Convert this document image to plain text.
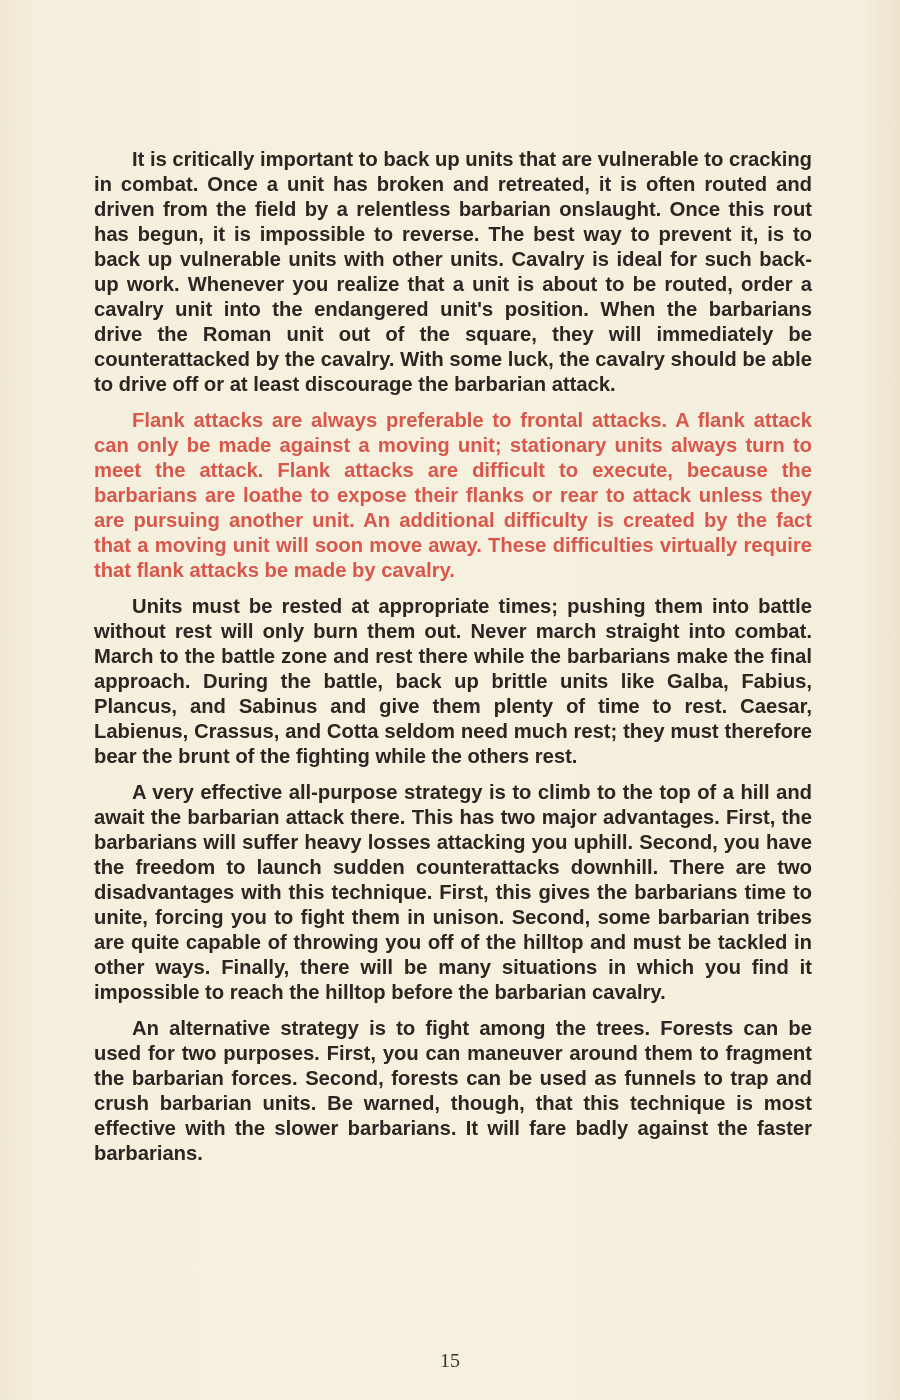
It is critically important to back up units that are vulnerable to cracking in combat. Once a unit has broken and retreated, it is often routed and driven from the field by a relentless barbarian onslaught. Once this rout has begun, it is impossible to reverse. The best way to prevent it, is to back up vulnerable units with other units. Cavalry is ideal for such back-up work. Whenever you realize that a unit is about to be routed, order a cavalry unit into the endangered unit's position. When the barbarians drive the Roman unit out of the square, they will immediately be counterattacked by the cavalry. With some luck, the cavalry should be able to drive off or at least discourage the barbarian attack.

Flank attacks are always preferable to frontal attacks. A flank attack can only be made against a moving unit; stationary units always turn to meet the attack. Flank attacks are difficult to execute, because the barbarians are loathe to expose their flanks or rear to attack unless they are pursuing another unit. An additional difficulty is created by the fact that a moving unit will soon move away. These difficulties virtually require that flank attacks be made by cavalry.

Units must be rested at appropriate times; pushing them into battle without rest will only burn them out. Never march straight into combat. March to the battle zone and rest there while the barbarians make the final approach. During the battle, back up brittle units like Galba, Fabius, Plancus, and Sabinus and give them plenty of time to rest. Caesar, Labienus, Crassus, and Cotta seldom need much rest; they must therefore bear the brunt of the fighting while the others rest.

A very effective all-purpose strategy is to climb to the top of a hill and await the barbarian attack there. This has two major advantages. First, the barbarians will suffer heavy losses attacking you uphill. Second, you have the freedom to launch sudden counterattacks downhill. There are two disadvantages with this technique. First, this gives the barbarians time to unite, forcing you to fight them in unison. Second, some barbarian tribes are quite capable of throwing you off of the hilltop and must be tackled in other ways. Finally, there will be many situations in which you find it impossible to reach the hilltop before the barbarian cavalry.

An alternative strategy is to fight among the trees. Forests can be used for two purposes. First, you can maneuver around them to fragment the barbarian forces. Second, forests can be used as funnels to trap and crush barbarian units. Be warned, though, that this technique is most effective with the slower barbarians. It will fare badly against the faster barbarians.

15
